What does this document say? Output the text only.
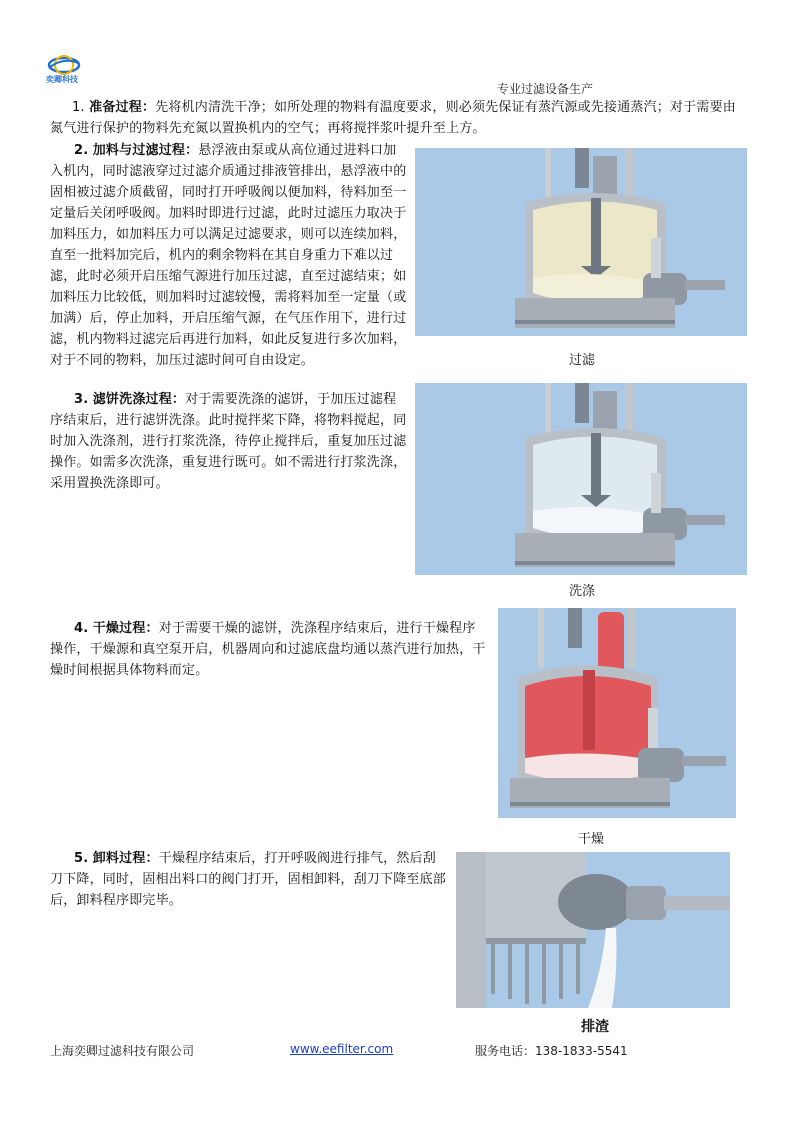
奕卿科技
专业过滤设备生产
1. 准备过程：先将机内清洗干净；如所处理的物料有温度要求，则必须先保证有蒸汽源或先接通蒸汽；对于需要由
氮气进行保护的物料先充氮以置换机内的空气；再将搅拌浆叶提升至上方。
2. 加料与过滤过程：悬浮液由泵或从高位通过进料口加
入机内，同时滤液穿过过滤介质通过排液管排出，悬浮液中的
固相被过滤介质截留，同时打开呼吸阀以便加料，待料加至一
定量后关闭呼吸阀。加料时即进行过滤，此时过滤压力取决于
加料压力，如加料压力可以满足过滤要求，则可以连续加料，
直至一批料加完后，机内的剩余物料在其自身重力下难以过
滤，此时必须开启压缩气源进行加压过滤，直至过滤结束；如
加料压力比较低，则加料时过滤较慢，需将料加至一定量（或
加满）后，停止加料，开启压缩气源，在气压作用下，进行过
滤，机内物料过滤完后再进行加料，如此反复进行多次加料，
对于不同的物料，加压过滤时间可自由设定。	过滤
3. 滤饼洗涤过程：对于需要洗涤的滤饼，于加压过滤程
序结束后，进行滤饼洗涤。此时搅拌桨下降，将物料搅起，同
时加入洗涤剂，进行打浆洗涤，待停止搅拌后，重复加压过滤
操作。如需多次洗涤，重复进行既可。如不需进行打浆洗涤，
采用置换洗涤即可。
洗涤
4. 干燥过程：对于需要干燥的滤饼，洗涤程序结束后，进行干燥程序
操作，干燥源和真空泵开启，机器周向和过滤底盘均通以蒸汽进行加热，干
燥时间根据具体物料而定。
干燥
5. 卸料过程：干燥程序结束后，打开呼吸阀进行排气，然后刮
刀下降，同时，固相出料口的阀门打开，固相卸料，刮刀下降至底部
后，卸料程序即完毕。
排渣
上海奕卿过滤科技有限公司	www.eefilter.com	服务电话：138-1833-5541
